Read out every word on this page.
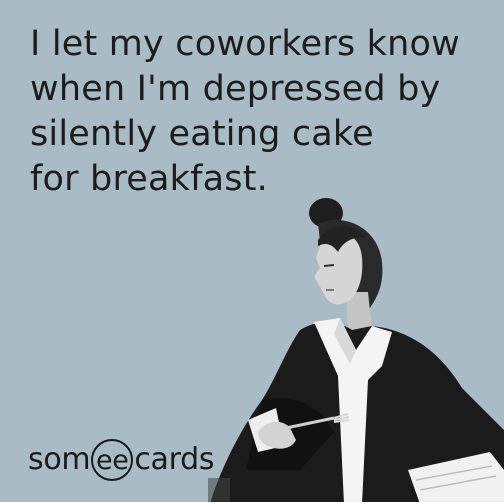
I let my coworkers know
when I'm depressed by
silently eating cake
for breakfast.

som ee cards
